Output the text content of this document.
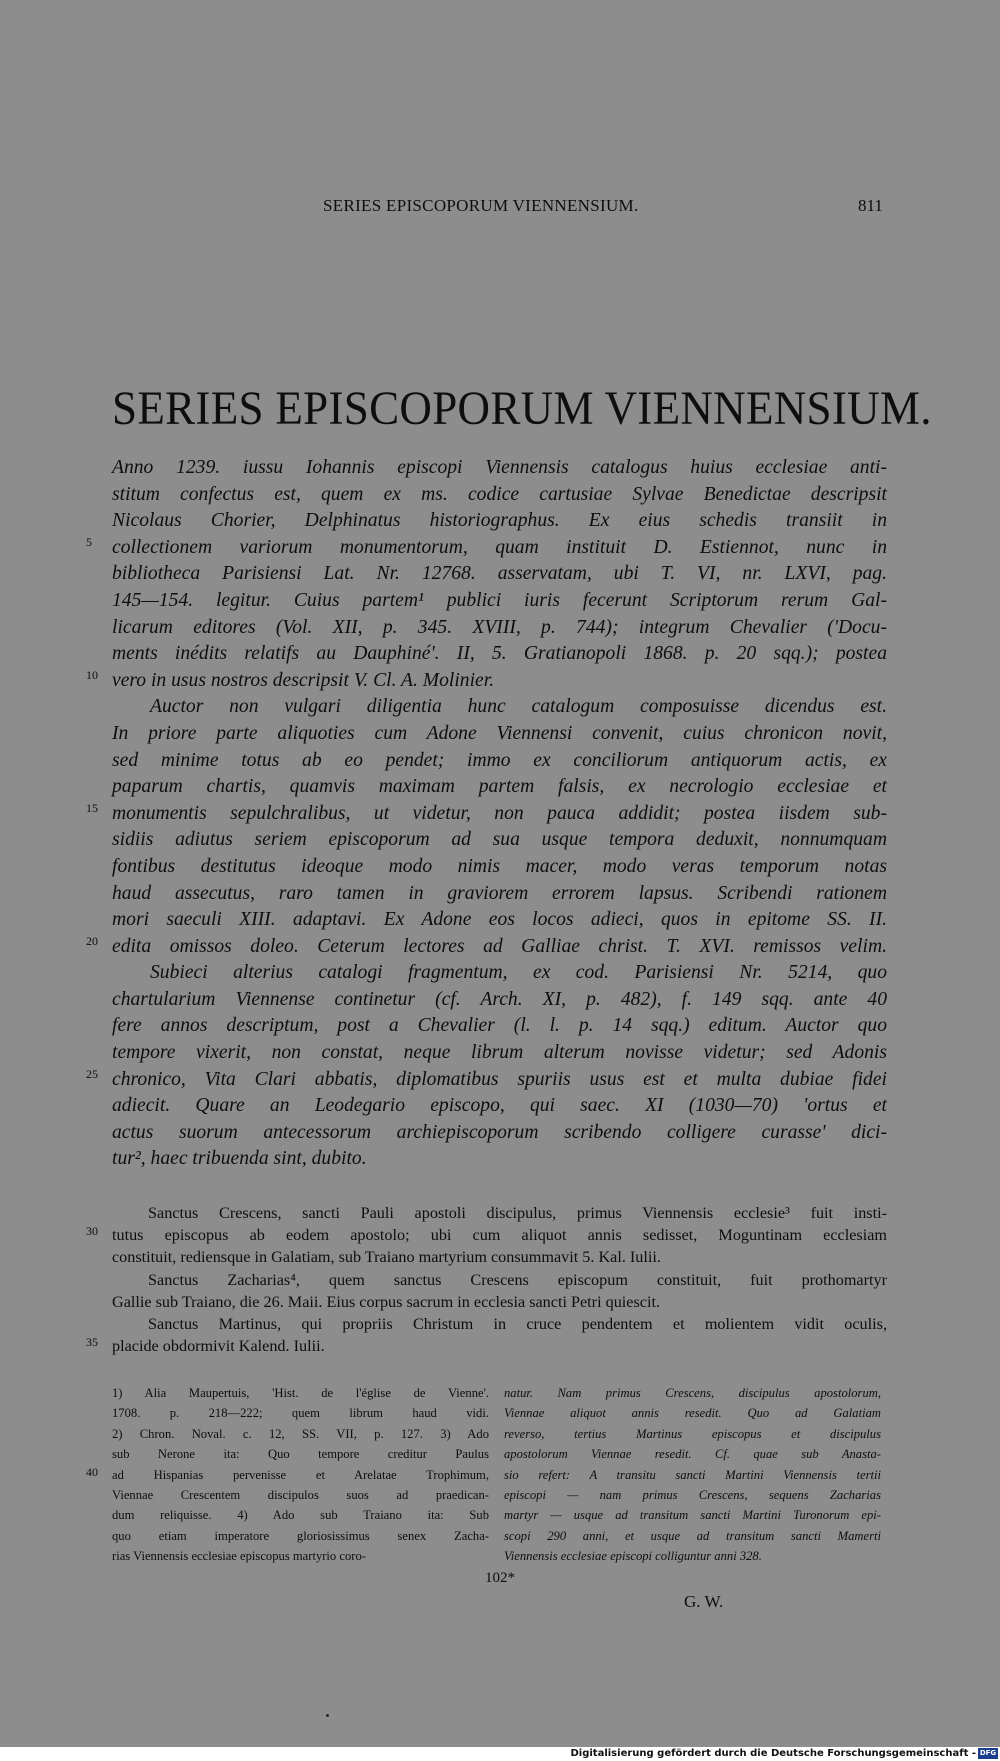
SERIES EPISCOPORUM VIENNENSIUM.	811
SERIES EPISCOPORUM VIENNENSIUM.
Anno 1239. iussu Iohannis episcopi Viennensis catalogus huius ecclesiae anti-
stitum confectus est, quem ex ms. codice cartusiae Sylvae Benedictae descripsit
Nicolaus Chorier, Delphinatus historiographus. Ex eius schedis transiit in
collectionem variorum monumentorum, quam instituit D. Estiennot, nunc in
5
bibliotheca Parisiensi Lat. Nr. 12768. asservatam, ubi T. VI, nr. LXVI, pag.
145—154. legitur. Cuius partem¹ publici iuris fecerunt Scriptorum rerum Gal-
licarum editores (Vol. XII, p. 345. XVIII, p. 744); integrum Chevalier ('Docu-
ments inédits relatifs au Dauphiné'. II, 5. Gratianopoli 1868. p. 20 sqq.); postea
vero in usus nostros descripsit V. Cl. A. Molinier.
10
Auctor non vulgari diligentia hunc catalogum composuisse dicendus est.
In priore parte aliquoties cum Adone Viennensi convenit, cuius chronicon novit,
sed minime totus ab eo pendet; immo ex conciliorum antiquorum actis, ex
paparum chartis, quamvis maximam partem falsis, ex necrologio ecclesiae et
monumentis sepulchralibus, ut videtur, non pauca addidit; postea iisdem sub-
15
sidiis adiutus seriem episcoporum ad sua usque tempora deduxit, nonnumquam
fontibus destitutus ideoque modo nimis macer, modo veras temporum notas
haud assecutus, raro tamen in graviorem errorem lapsus. Scribendi rationem
mori saeculi XIII. adaptavi. Ex Adone eos locos adieci, quos in epitome SS. II.
edita omissos doleo. Ceterum lectores ad Galliae christ. T. XVI. remissos velim.
20
Subieci alterius catalogi fragmentum, ex cod. Parisiensi Nr. 5214, quo
chartularium Viennense continetur (cf. Arch. XI, p. 482), f. 149 sqq. ante 40
fere annos descriptum, post a Chevalier (l. l. p. 14 sqq.) editum. Auctor quo
tempore vixerit, non constat, neque librum alterum novisse videtur; sed Adonis
chronico, Vita Clari abbatis, diplomatibus spuriis usus est et multa dubiae fidei
25
adiecit. Quare an Leodegario episcopo, qui saec. XI (1030—70) 'ortus et
actus suorum antecessorum archiepiscoporum scribendo colligere curasse' dici-
tur², haec tribuenda sint, dubito.
G. W.
Sanctus Crescens, sancti Pauli apostoli discipulus, primus Viennensis ecclesie³ fuit insti-
tutus episcopus ab eodem apostolo; ubi cum aliquot annis sedisset, Moguntinam ecclesiam
30
constituit, rediensque in Galatiam, sub Traiano martyrium consummavit 5. Kal. Iulii.
Sanctus Zacharias⁴, quem sanctus Crescens episcopum constituit, fuit prothomartyr
Gallie sub Traiano, die 26. Maii. Eius corpus sacrum in ecclesia sancti Petri quiescit.
Sanctus Martinus, qui propriis Christum in cruce pendentem et molientem vidit oculis,
placide obdormivit Kalend. Iulii.
35
1) Alia Maupertuis, 'Hist. de l'église de Vienne'.
1708. p. 218—222; quem librum haud vidi.
2) Chron. Noval. c. 12, SS. VII, p. 127. 3) Ado
sub Nerone ita: Quo tempore creditur Paulus
ad Hispanias pervenisse et Arelatae Trophimum,
40
Viennae Crescentem discipulos suos ad praedican-
dum reliquisse. 4) Ado sub Traiano ita: Sub
quo etiam imperatore gloriosissimus senex Zacha-
rias Viennensis ecclesiae episcopus martyrio coro-
natur. Nam primus Crescens, discipulus apostolorum,
Viennae aliquot annis resedit. Quo ad Galatiam
reverso, tertius Martinus episcopus et discipulus
apostolorum Viennae resedit. Cf. quae sub Anasta-
sio refert: A transitu sancti Martini Viennensis tertii
episcopi — nam primus Crescens, sequens Zacharias
martyr — usque ad transitum sancti Martini Turonorum epi-
scopi 290 anni, et usque ad transitum sancti Mamerti
Viennensis ecclesiae episcopi colliguntur anni 328.
102*
Digitalisierung gefördert durch die Deutsche Forschungsgemeinschaft - DFG
